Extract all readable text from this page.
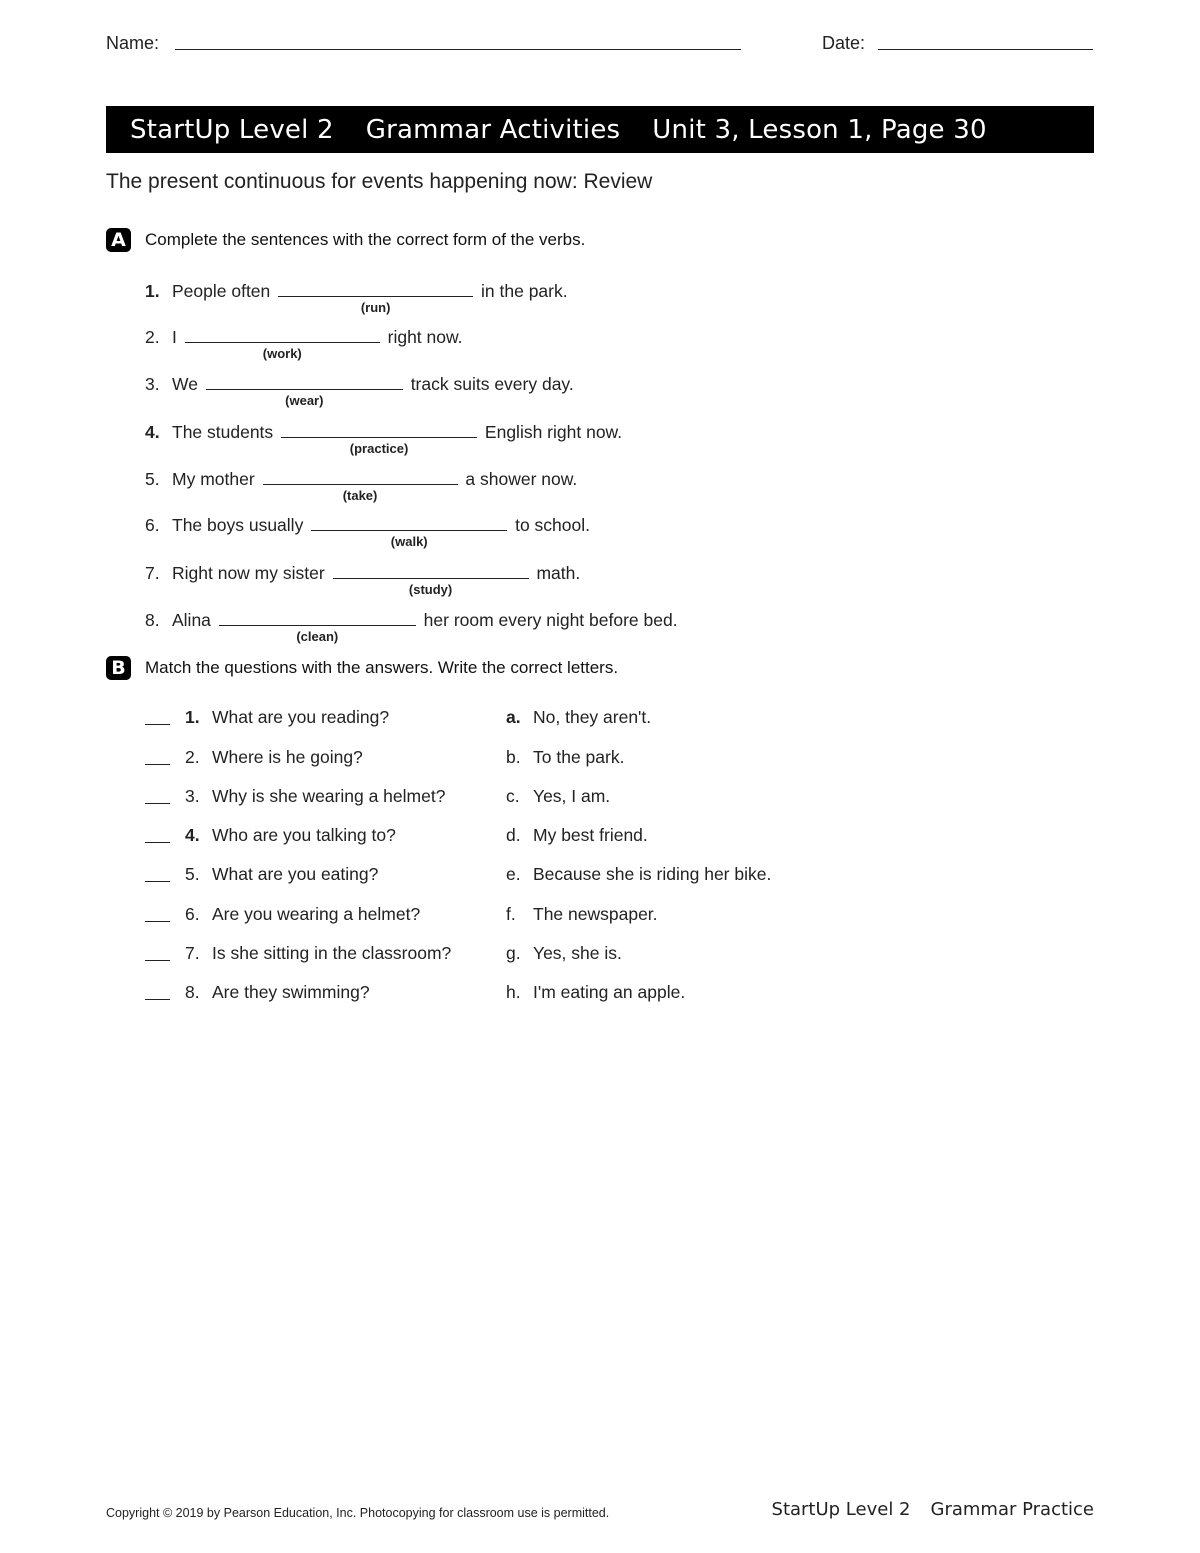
Name:	Date:
StartUp Level 2 Grammar Activities Unit 3, Lesson 1, Page 30
The present continuous for events happening now: Review
A	Complete the sentences with the correct form of the verbs.
1. People often
(run)
in the park.
2. I
(work)
right now.
3. We
(wear)
track suits every day.
4. The students
(practice)
English right now.
5. My mother
(take)
a shower now.
6. The boys usually
(walk)
to school.
7. Right now my sister
(study)
math.
8. Alina
(clean)
her room every night before bed.
B	Match the questions with the answers. Write the correct letters.
1. What are you reading?	a. No, they aren't.
2. Where is he going?	b. To the park.
3. Why is she wearing a helmet?	c. Yes, I am.
4. Who are you talking to?	d. My best friend.
5. What are you eating?	e. Because she is riding her bike.
6. Are you wearing a helmet?	f. The newspaper.
7. Is she sitting in the classroom?	g. Yes, she is.
8. Are they swimming?	h. I'm eating an apple.
Copyright © 2019 by Pearson Education, Inc. Photocopying for classroom use is permitted.	StartUp Level 2 Grammar Practice
